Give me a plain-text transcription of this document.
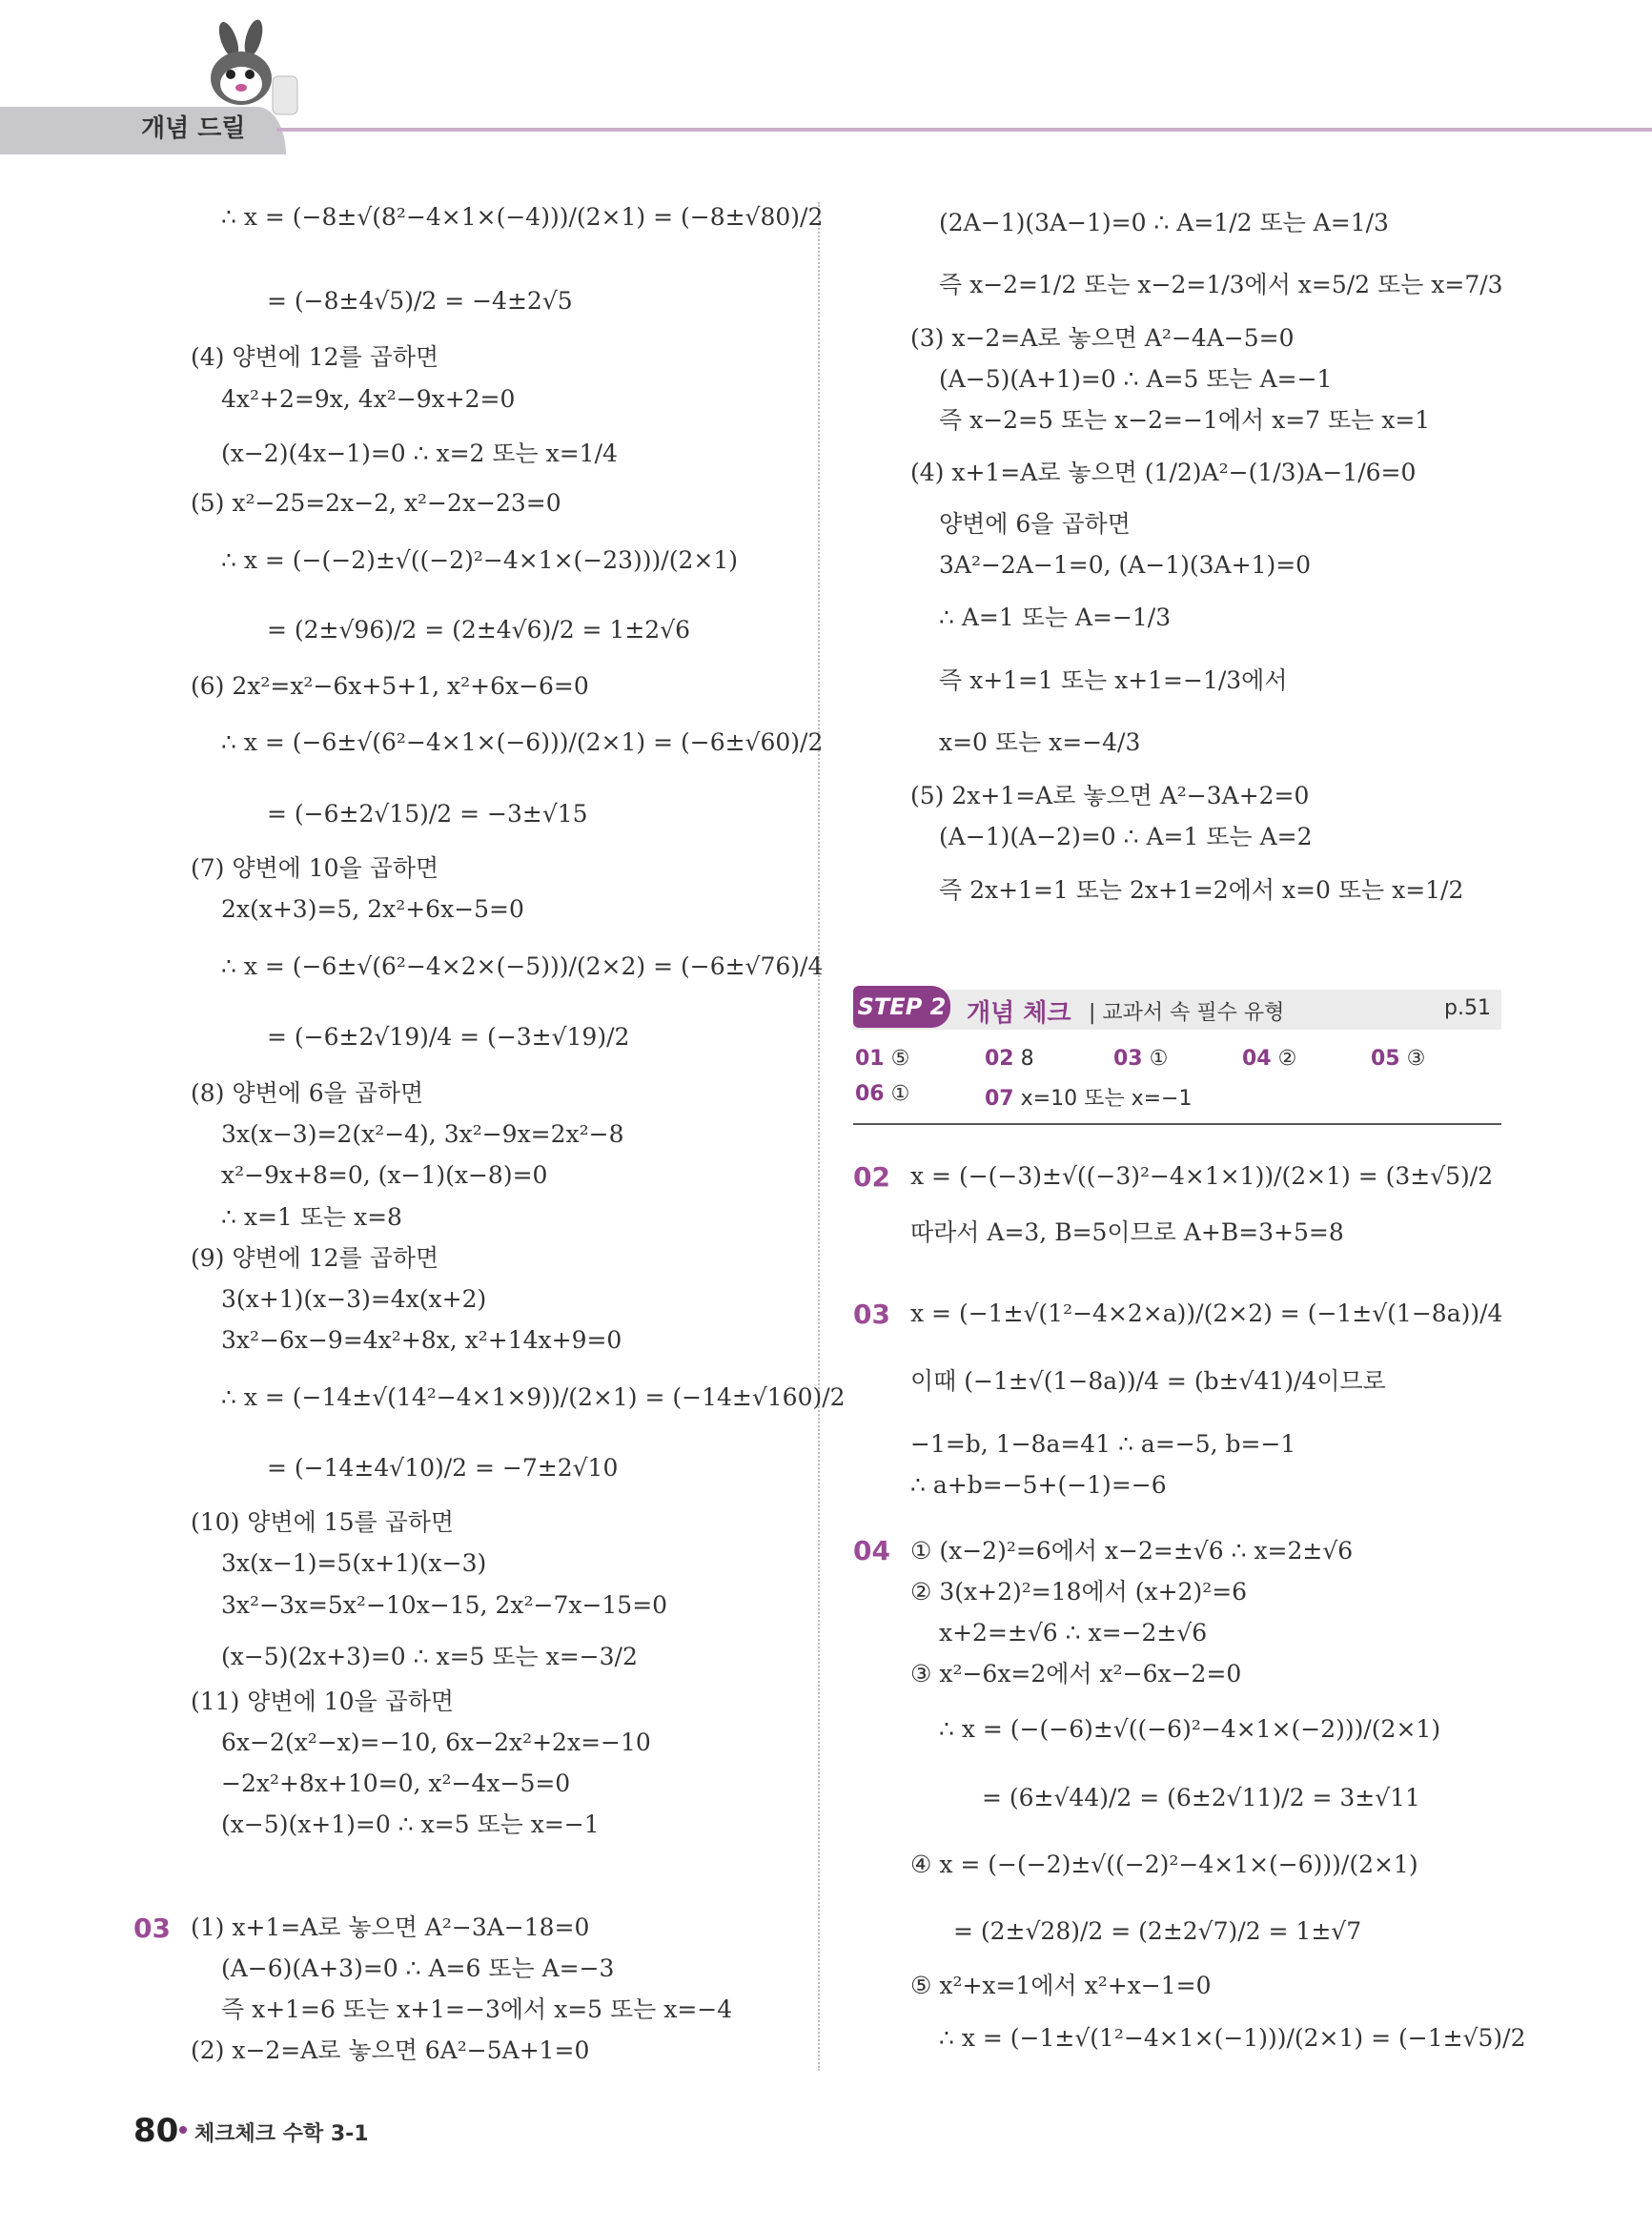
개념 드릴
∴ x = (−8±√(8²−4×1×(−4)))/(2×1) = (−8±√80)/2
= (−8±4√5)/2 = −4±2√5
(4) 양변에 12를 곱하면
4x²+2=9x, 4x²−9x+2=0
(x−2)(4x−1)=0 ∴ x=2 또는 x=1/4
(5) x²−25=2x−2, x²−2x−23=0
∴ x = (−(−2)±√((−2)²−4×1×(−23)))/(2×1)
= (2±√96)/2 = (2±4√6)/2 = 1±2√6
(6) 2x²=x²−6x+5+1, x²+6x−6=0
∴ x = (−6±√(6²−4×1×(−6)))/(2×1) = (−6±√60)/2
= (−6±2√15)/2 = −3±√15
(7) 양변에 10을 곱하면
2x(x+3)=5, 2x²+6x−5=0
∴ x = (−6±√(6²−4×2×(−5)))/(2×2) = (−6±√76)/4
= (−6±2√19)/4 = (−3±√19)/2
(8) 양변에 6을 곱하면
3x(x−3)=2(x²−4), 3x²−9x=2x²−8
x²−9x+8=0, (x−1)(x−8)=0
∴ x=1 또는 x=8
(9) 양변에 12를 곱하면
3(x+1)(x−3)=4x(x+2)
3x²−6x−9=4x²+8x, x²+14x+9=0
∴ x = (−14±√(14²−4×1×9))/(2×1) = (−14±√160)/2
= (−14±4√10)/2 = −7±2√10
(10) 양변에 15를 곱하면
3x(x−1)=5(x+1)(x−3)
3x²−3x=5x²−10x−15, 2x²−7x−15=0
(x−5)(2x+3)=0 ∴ x=5 또는 x=−3/2
(11) 양변에 10을 곱하면
6x−2(x²−x)=−10, 6x−2x²+2x=−10
−2x²+8x+10=0, x²−4x−5=0
(x−5)(x+1)=0 ∴ x=5 또는 x=−1
03 (1) x+1=A로 놓으면 A²−3A−18=0
(A−6)(A+3)=0 ∴ A=6 또는 A=−3
즉 x+1=6 또는 x+1=−3에서 x=5 또는 x=−4
(2) x−2=A로 놓으면 6A²−5A+1=0
(2A−1)(3A−1)=0 ∴ A=1/2 또는 A=1/3
즉 x−2=1/2 또는 x−2=1/3에서 x=5/2 또는 x=7/3
(3) x−2=A로 놓으면 A²−4A−5=0
(A−5)(A+1)=0 ∴ A=5 또는 A=−1
즉 x−2=5 또는 x−2=−1에서 x=7 또는 x=1
(4) x+1=A로 놓으면 (1/2)A²−(1/3)A−1/6=0
양변에 6을 곱하면
3A²−2A−1=0, (A−1)(3A+1)=0
∴ A=1 또는 A=−1/3
즉 x+1=1 또는 x+1=−1/3에서
x=0 또는 x=−4/3
(5) 2x+1=A로 놓으면 A²−3A+2=0
(A−1)(A−2)=0 ∴ A=1 또는 A=2
즉 2x+1=1 또는 2x+1=2에서 x=0 또는 x=1/2
STEP 2 개념 체크 | 교과서 속 필수 유형	p.51
01 ⑤	02 8	03 ①	04 ②	05 ③
06 ①	07 x=10 또는 x=−1
02 x = (−(−3)±√((−3)²−4×1×1))/(2×1) = (3±√5)/2
따라서 A=3, B=5이므로 A+B=3+5=8
03 x = (−1±√(1²−4×2×a))/(2×2) = (−1±√(1−8a))/4
이때 (−1±√(1−8a))/4 = (b±√41)/4이므로
−1=b, 1−8a=41 ∴ a=−5, b=−1
∴ a+b=−5+(−1)=−6
04 ① (x−2)²=6에서 x−2=±√6 ∴ x=2±√6
② 3(x+2)²=18에서 (x+2)²=6
x+2=±√6 ∴ x=−2±√6
③ x²−6x=2에서 x²−6x−2=0
∴ x = (−(−6)±√((−6)²−4×1×(−2)))/(2×1)
= (6±√44)/2 = (6±2√11)/2 = 3±√11
④ x = (−(−2)±√((−2)²−4×1×(−6)))/(2×1)
= (2±√28)/2 = (2±2√7)/2 = 1±√7
⑤ x²+x=1에서 x²+x−1=0
∴ x = (−1±√(1²−4×1×(−1)))/(2×1) = (−1±√5)/2
80 체크체크 수학 3-1
